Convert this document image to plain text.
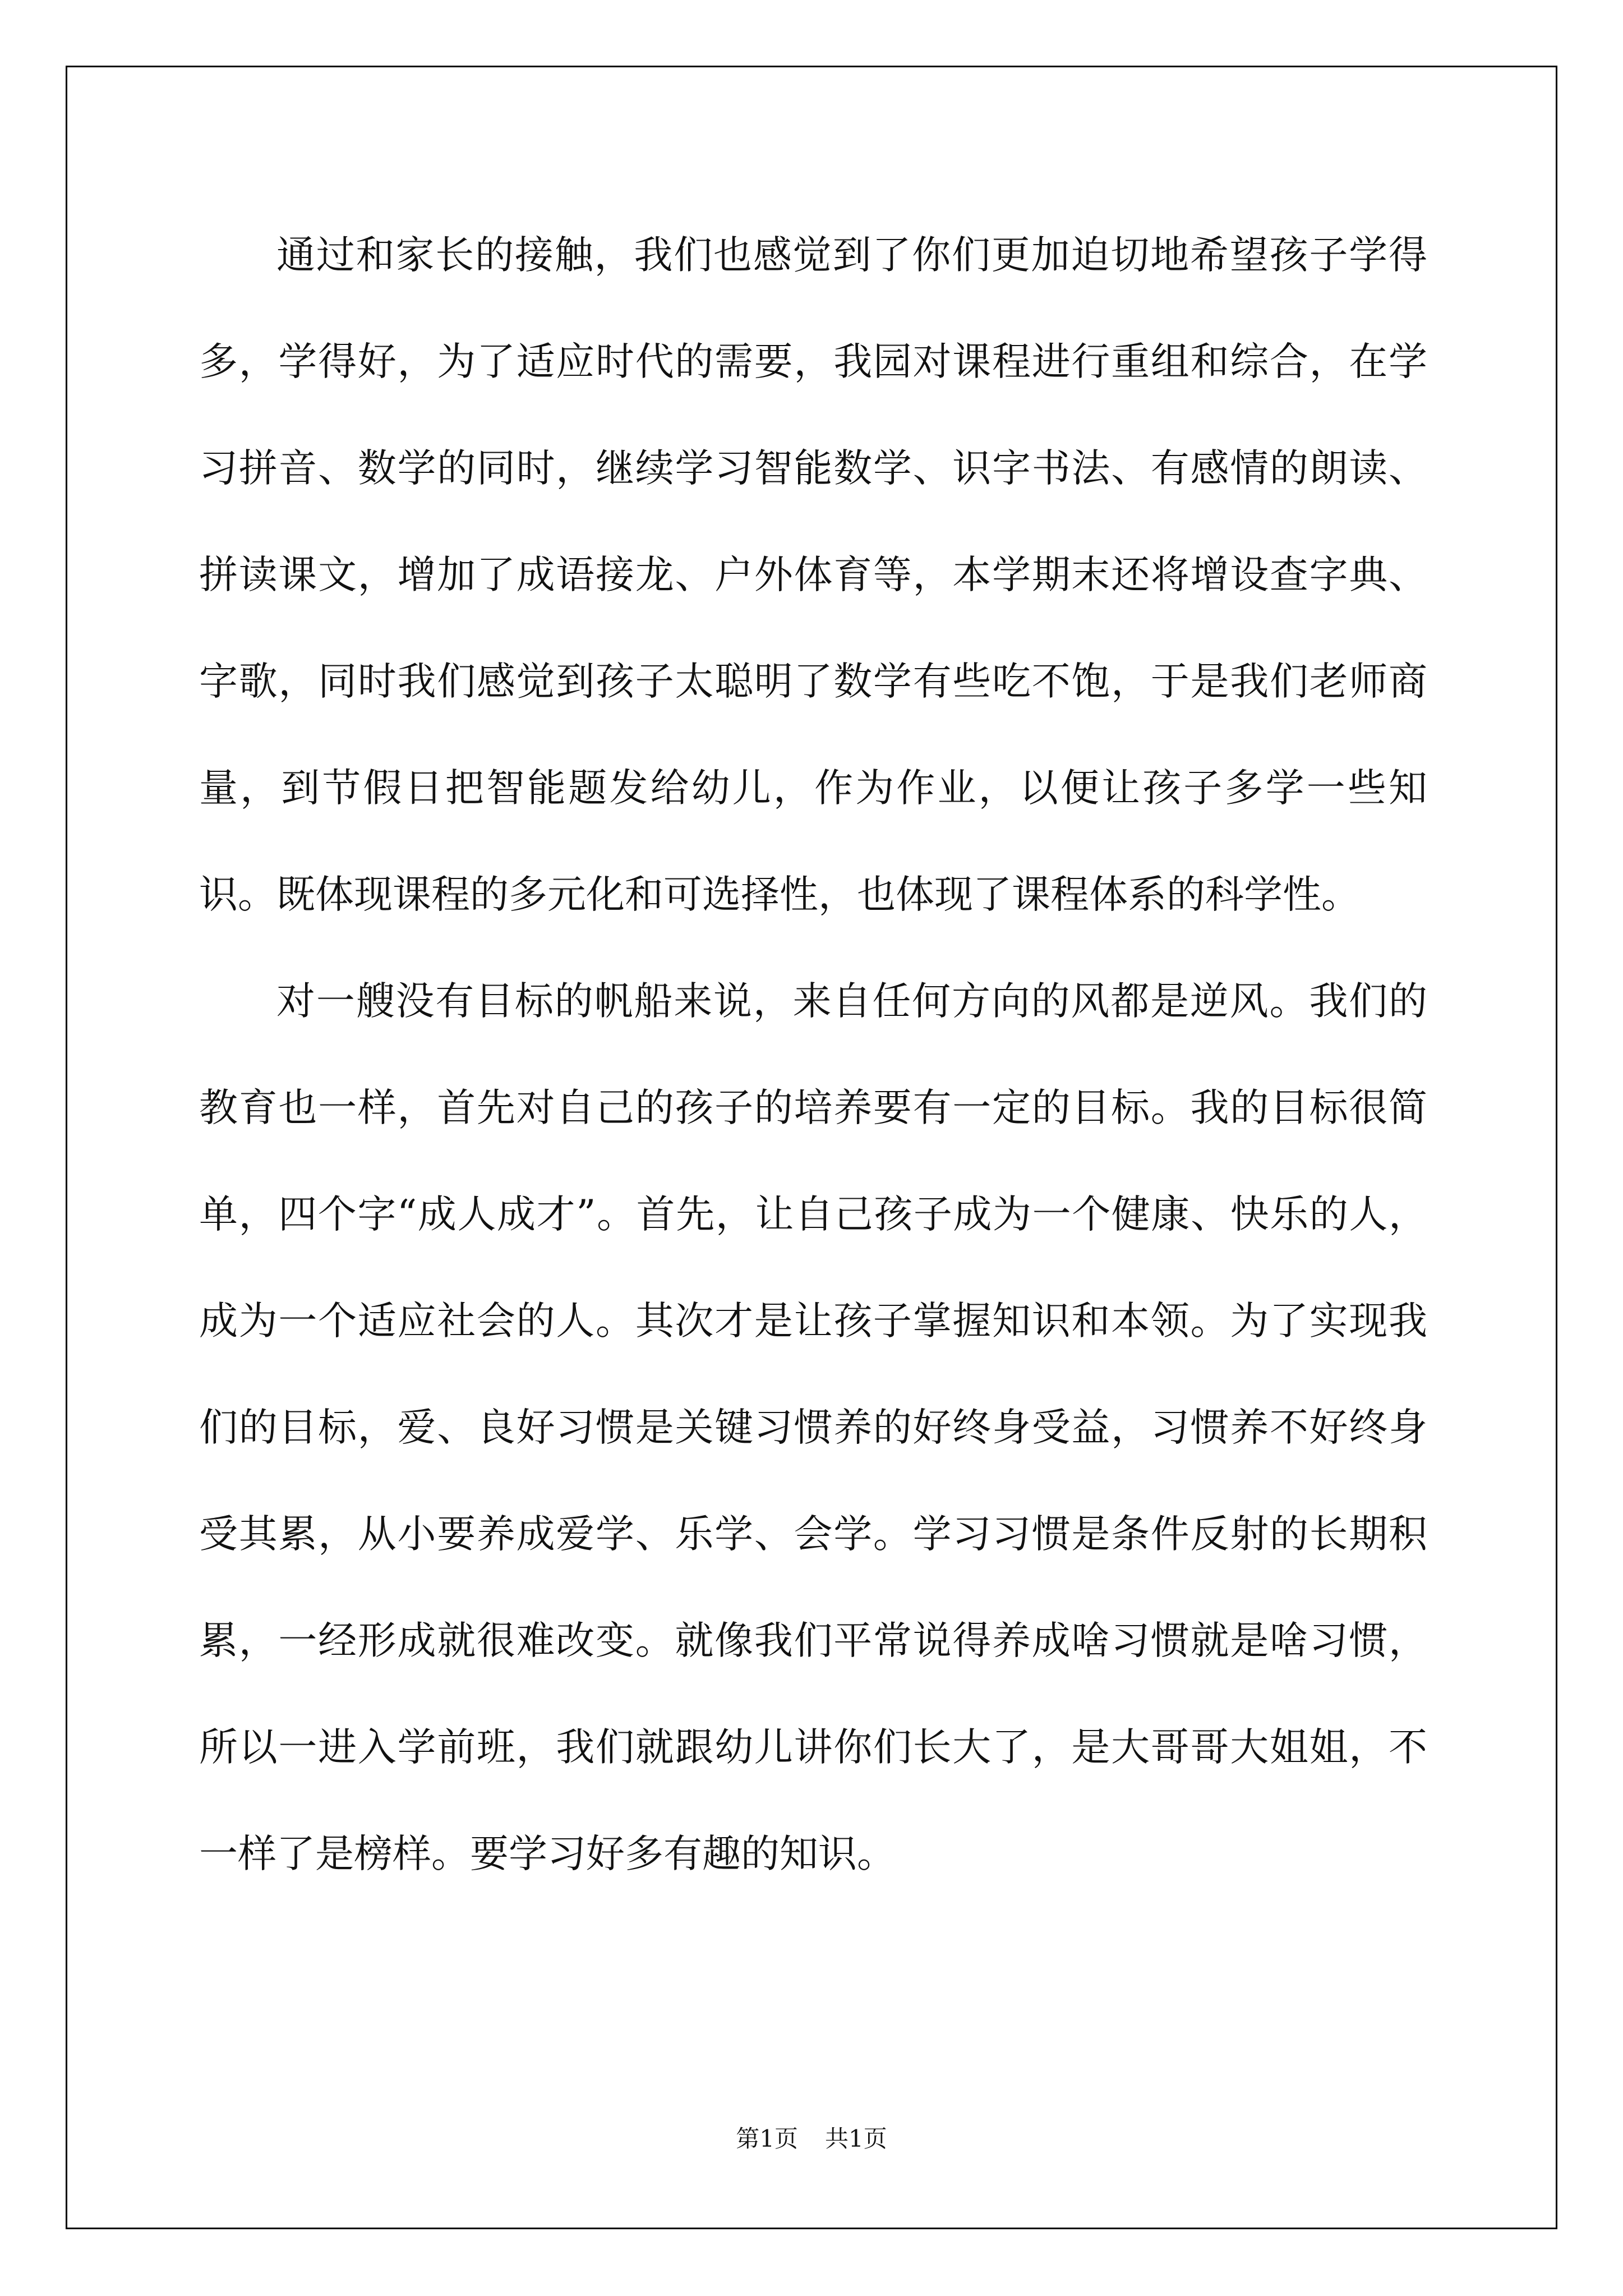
通过和家长的接触，我们也感觉到了你们更加迫切地希望孩子学得多，学得好，为了适应时代的需要，我园对课程进行重组和综合，在学习拼音、数学的同时，继续学习智能数学、识字书法、有感情的朗读、拼读课文，增加了成语接龙、户外体育等，本学期末还将增设查字典、字歌，同时我们感觉到孩子太聪明了数学有些吃不饱，于是我们老师商量，到节假日把智能题发给幼儿，作为作业，以便让孩子多学一些知识。既体现课程的多元化和可选择性，也体现了课程体系的科学性。

对一艘没有目标的帆船来说，来自任何方向的风都是逆风。我们的教育也一样，首先对自己的孩子的培养要有一定的目标。我的目标很简单，四个字“成人成才”。首先，让自己孩子成为一个健康、快乐的人，成为一个适应社会的人。其次才是让孩子掌握知识和本领。为了实现我们的目标，爱、良好习惯是关键习惯养的好终身受益，习惯养不好终身受其累，从小要养成爱学、乐学、会学。学习习惯是条件反射的长期积累，一经形成就很难改变。就像我们平常说得养成啥习惯就是啥习惯，所以一进入学前班，我们就跟幼儿讲你们长大了，是大哥哥大姐姐，不一样了是榜样。要学习好多有趣的知识。

第1页 共1页
